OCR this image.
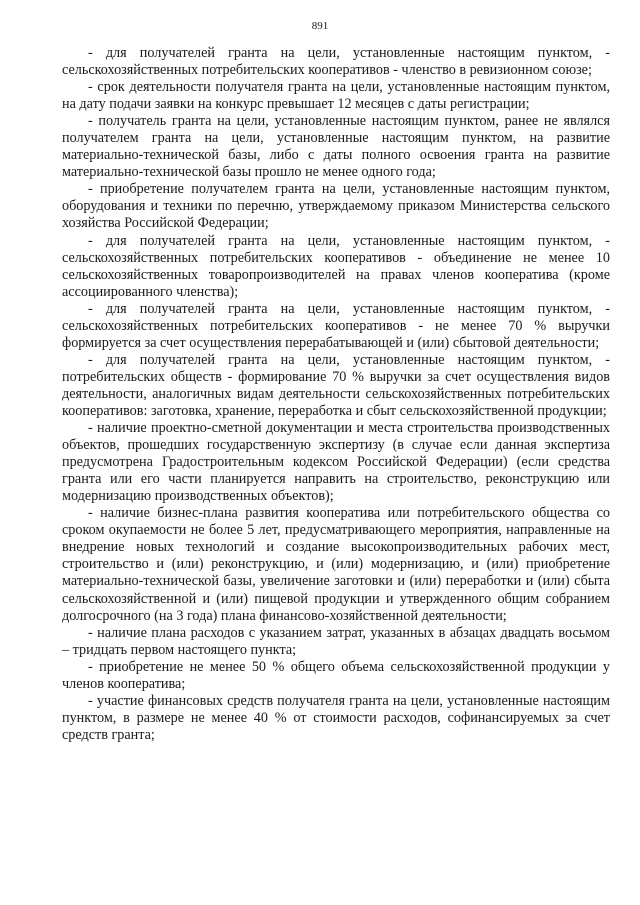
891

- для получателей гранта на цели, установленные настоящим пунктом, - сельскохозяйственных потребительских кооперативов - членство в ревизионном союзе;

- срок деятельности получателя гранта на цели, установленные настоящим пунктом, на дату подачи заявки на конкурс превышает 12 месяцев с даты регистрации;

- получатель гранта на цели, установленные настоящим пунктом, ранее не являлся получателем гранта на цели, установленные настоящим пунктом, на развитие материально-технической базы, либо с даты полного освоения гранта на развитие материально-технической базы прошло не менее одного года;

- приобретение получателем гранта на цели, установленные настоящим пунктом, оборудования и техники по перечню, утверждаемому приказом Министерства сельского хозяйства Российской Федерации;

- для получателей гранта на цели, установленные настоящим пунктом, - сельскохозяйственных потребительских кооперативов - объединение не менее 10 сельскохозяйственных товаропроизводителей на правах членов кооператива (кроме ассоциированного членства);

- для получателей гранта на цели, установленные настоящим пунктом, - сельскохозяйственных потребительских кооперативов - не менее 70 % выручки формируется за счет осуществления перерабатывающей и (или) сбытовой деятельности;

- для получателей гранта на цели, установленные настоящим пунктом, - потребительских обществ - формирование 70 % выручки за счет осуществления видов деятельности, аналогичных видам деятельности сельскохозяйственных потребительских кооперативов: заготовка, хранение, переработка и сбыт сельскохозяйственной продукции;

- наличие проектно-сметной документации и места строительства производственных объектов, прошедших государственную экспертизу (в случае если данная экспертиза предусмотрена Градостроительным кодексом Российской Федерации) (если средства гранта или его части планируется направить на строительство, реконструкцию или модернизацию производственных объектов);

- наличие бизнес-плана развития кооператива или потребительского общества со сроком окупаемости не более 5 лет, предусматривающего мероприятия, направленные на внедрение новых технологий и создание высокопроизводительных рабочих мест, строительство и (или) реконструкцию, и (или) модернизацию, и (или) приобретение материально-технической базы, увеличение заготовки и (или) переработки и (или) сбыта сельскохозяйственной и (или) пищевой продукции и утвержденного общим собранием долгосрочного (на 3 года) плана финансово-хозяйственной деятельности;

- наличие плана расходов с указанием затрат, указанных в абзацах двадцать восьмом – тридцать первом настоящего пункта;

- приобретение не менее 50 % общего объема сельскохозяйственной продукции у членов кооператива;

- участие финансовых средств получателя гранта на цели, установленные настоящим пунктом, в размере не менее 40 % от стоимости расходов, софинансируемых за счет средств гранта;
